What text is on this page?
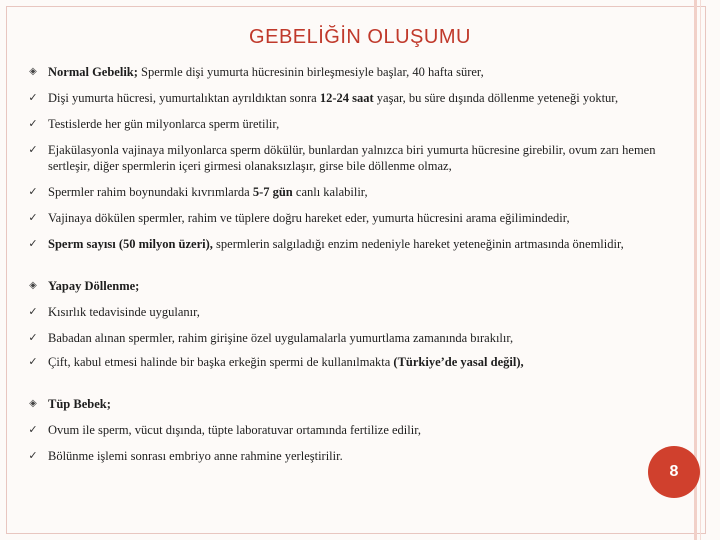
GEBELİĞİN OLUŞUMU
◈ Normal Gebelik; Spermle dişi yumurta hücresinin birleşmesiyle başlar, 40 hafta sürer,
✓ Dişi yumurta hücresi, yumurtalıktan ayrıldıktan sonra 12-24 saat yaşar, bu süre dışında döllenme yeteneği yoktur,
✓ Testislerde her gün milyonlarca sperm üretilir,
✓ Ejakülasyonla vajinaya milyonlarca sperm dökülür, bunlardan yalnızca biri yumurta hücresine girebilir, ovum zarı hemen sertleşir, diğer spermlerin içeri girmesi olanaksızlaşır, girse bile döllenme olmaz,
✓ Spermler rahim boynundaki kıvrımlarda 5-7 gün canlı kalabilir,
✓ Vajinaya dökülen spermler, rahim ve tüplere doğru hareket eder, yumurta hücresini arama eğilimindedir,
✓ Sperm sayısı (50 milyon üzeri), spermlerin salgıladığı enzim nedeniyle hareket yeteneğinin artmasında önemlidir,
◈ Yapay Döllenme;
✓ Kısırlık tedavisinde uygulanır,
✓ Babadan alınan spermler, rahim girişine özel uygulamalarla yumurtlama zamanında bırakılır,
✓ Çift, kabul etmesi halinde bir başka erkeğin spermi de kullanılmakta (Türkiye’de yasal değil),
◈ Tüp Bebek;
✓ Ovum ile sperm, vücut dışında, tüpte laboratuvar ortamında fertilize edilir,
✓ Bölünme işlemi sonrası embriyo anne rahmine yerleştirilir.
8
